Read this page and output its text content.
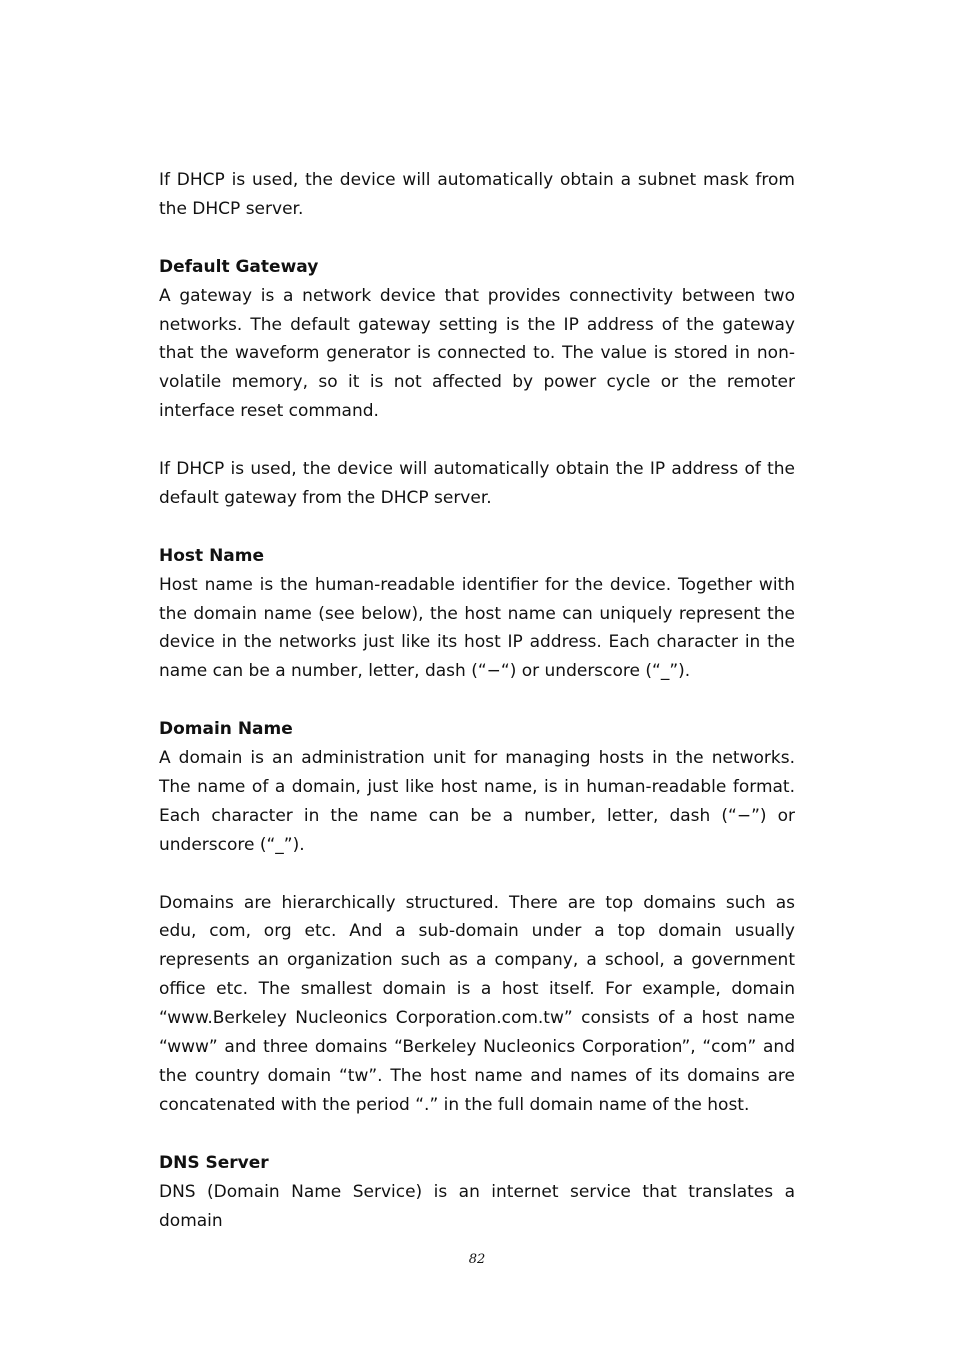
If DHCP is used, the device will automatically obtain a subnet mask from the DHCP server.

Default Gateway

A gateway is a network device that provides connectivity between two networks. The default gateway setting is the IP address of the gateway that the waveform generator is connected to. The value is stored in non-volatile memory, so it is not affected by power cycle or the remoter interface reset command.

If DHCP is used, the device will automatically obtain the IP address of the default gateway from the DHCP server.

Host Name

Host name is the human-readable identifier for the device. Together with the domain name (see below), the host name can uniquely represent the device in the networks just like its host IP address. Each character in the name can be a number, letter, dash (“−“) or underscore (“_”).

Domain Name

A domain is an administration unit for managing hosts in the networks. The name of a domain, just like host name, is in human-readable format. Each character in the name can be a number, letter, dash (“−”) or underscore (“_”).

Domains are hierarchically structured. There are top domains such as edu, com, org etc. And a sub-domain under a top domain usually represents an organization such as a company, a school, a government office etc. The smallest domain is a host itself. For example, domain “www.Berkeley Nucleonics Corporation.com.tw” consists of a host name “www” and three domains “Berkeley Nucleonics Corporation”, “com” and the country domain “tw”. The host name and names of its domains are concatenated with the period “.” in the full domain name of the host.

DNS Server

DNS (Domain Name Service) is an internet service that translates a domain

82
